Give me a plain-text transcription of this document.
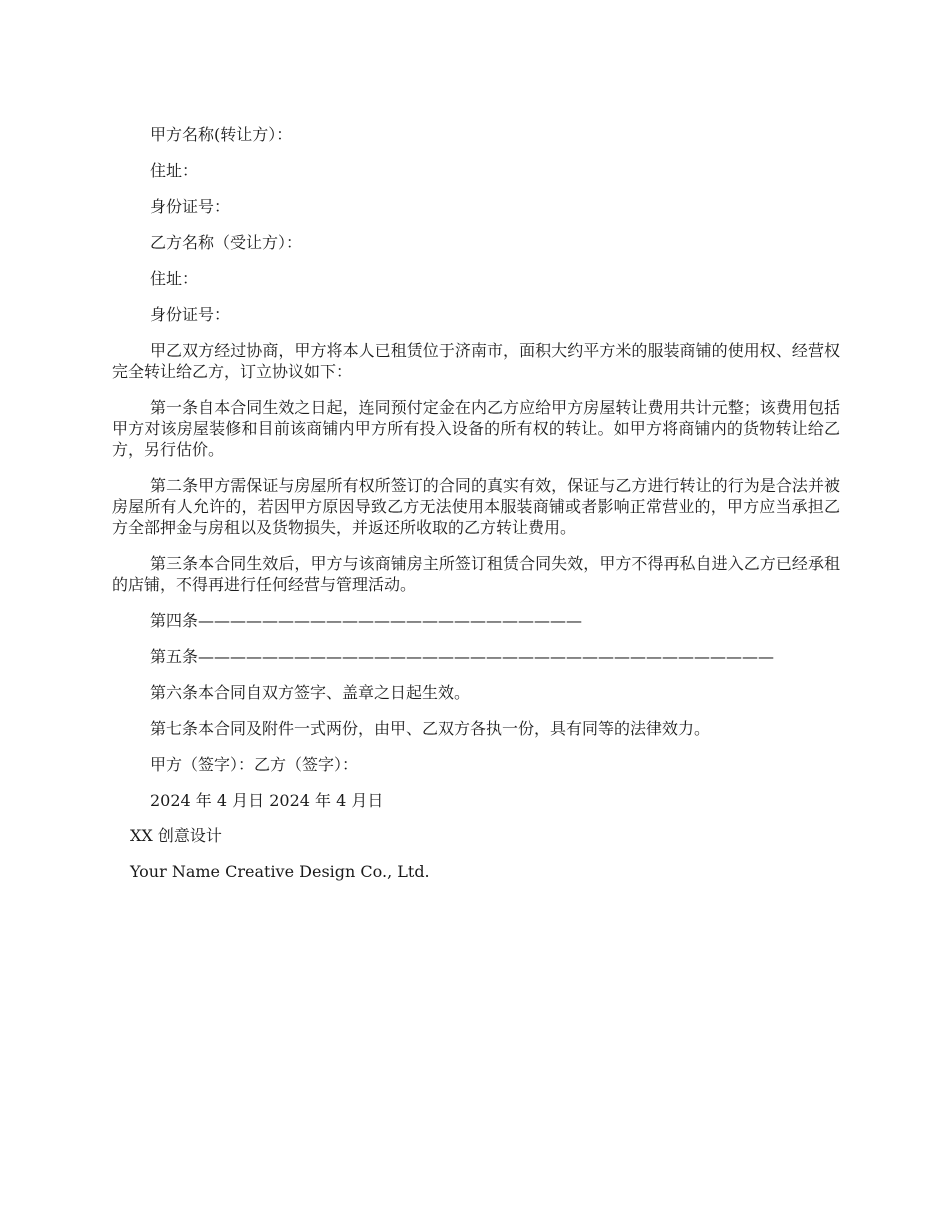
甲方名称(转让方）：

住址：

身份证号：

乙方名称（受让方）：

住址：

身份证号：

甲乙双方经过协商，甲方将本人已租赁位于济南市，面积大约平方米的服装商铺的使用权、经营权完全转让给乙方，订立协议如下：

第一条自本合同生效之日起，连同预付定金在内乙方应给甲方房屋转让费用共计元整；该费用包括甲方对该房屋装修和目前该商铺内甲方所有投入设备的所有权的转让。如甲方将商铺内的货物转让给乙方，另行估价。

第二条甲方需保证与房屋所有权所签订的合同的真实有效，保证与乙方进行转让的行为是合法并被房屋所有人允许的，若因甲方原因导致乙方无法使用本服装商铺或者影响正常营业的，甲方应当承担乙方全部押金与房租以及货物损失，并返还所收取的乙方转让费用。

第三条本合同生效后，甲方与该商铺房主所签订租赁合同失效，甲方不得再私自进入乙方已经承租的店铺，不得再进行任何经营与管理活动。

第四条————————————————————————

第五条————————————————————————————————————

第六条本合同自双方签字、盖章之日起生效。

第七条本合同及附件一式两份，由甲、乙双方各执一份，具有同等的法律效力。

甲方（签字）：乙方（签字）：

2024 年 4 月日 2024 年 4 月日

XX 创意设计

Your Name Creative Design Co., Ltd.
